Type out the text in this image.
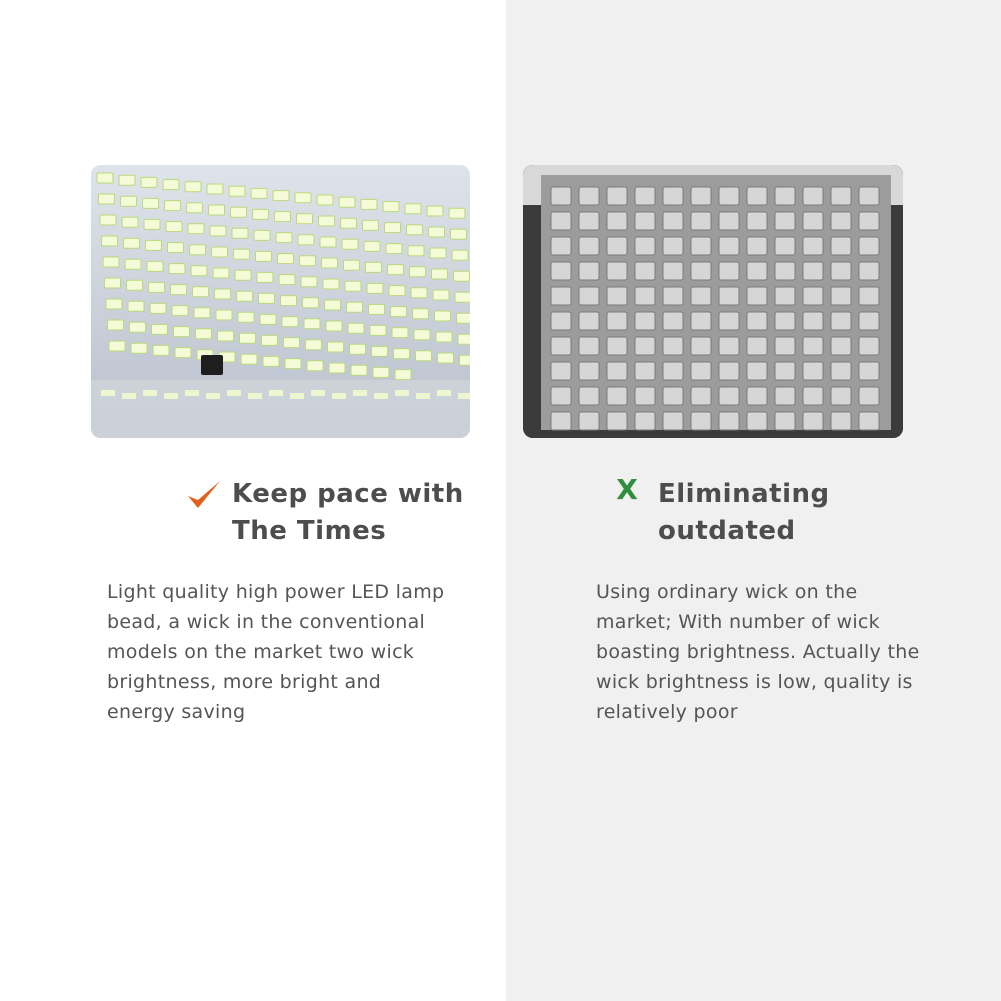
Keep pace with
The Times
Light quality high power LED lamp
bead, a wick in the conventional
models on the market two wick
brightness, more bright and
energy saving
X Eliminating
outdated
Using ordinary wick on the
market; With number of wick
boasting brightness. Actually the
wick brightness is low, quality is
relatively poor
